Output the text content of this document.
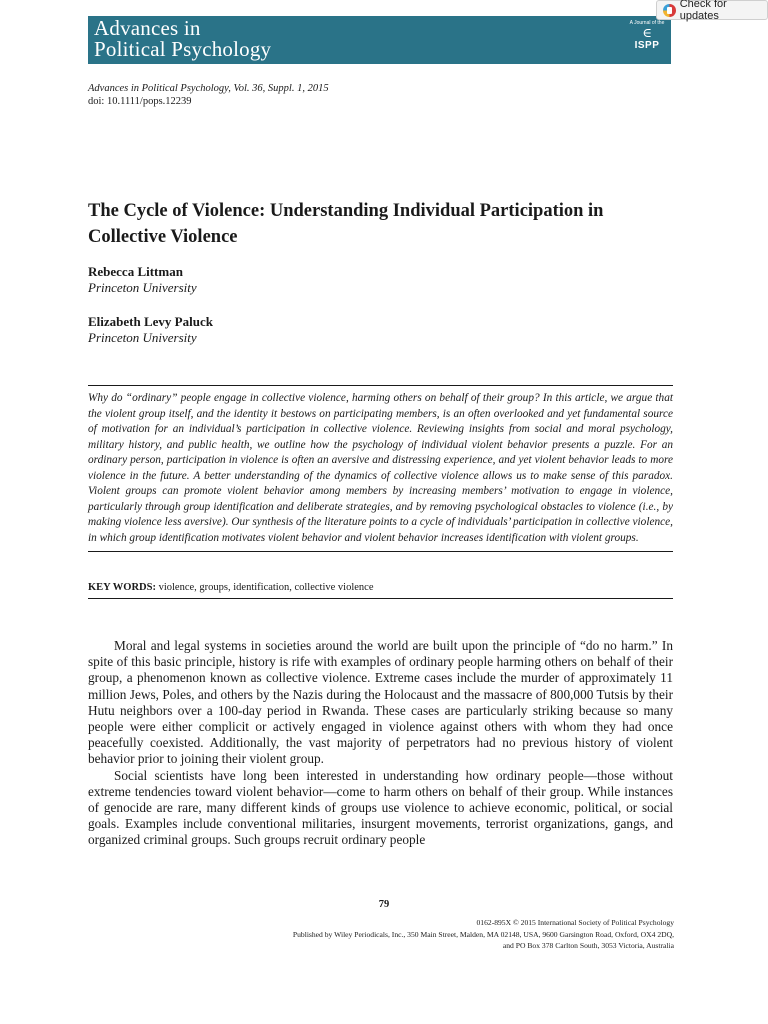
Advances in
Political Psychology
A Journal of the
∈
ISPP
Check for updates
Advances in Political Psychology, Vol. 36, Suppl. 1, 2015
doi: 10.1111/pops.12239
The Cycle of Violence: Understanding Individual Participation in Collective Violence
Rebecca Littman
Princeton University
Elizabeth Levy Paluck
Princeton University

Why do “ordinary” people engage in collective violence, harming others on behalf of their group? In this article, we argue that the violent group itself, and the identity it bestows on participating members, is an often overlooked and yet fundamental source of motivation for an individual’s participation in collective violence. Reviewing insights from social and moral psychology, military history, and public health, we outline how the psychology of individual violent behavior presents a puzzle. For an ordinary person, participation in violence is often an aversive and distressing experience, and yet violent behavior leads to more violence in the future. A better understanding of the dynamics of collective violence allows us to make sense of this paradox. Violent groups can promote violent behavior among members by increasing members’ motivation to engage in violence, particularly through group identification and deliberate strategies, and by removing psychological obstacles to violence (i.e., by making violence less aversive). Our synthesis of the literature points to a cycle of individuals’ participation in collective violence, in which group identification motivates violent behavior and violent behavior increases identification with violent groups.

KEY WORDS: violence, groups, identification, collective violence

Moral and legal systems in societies around the world are built upon the principle of “do no harm.” In spite of this basic principle, history is rife with examples of ordinary people harming others on behalf of their group, a phenomenon known as collective violence. Extreme cases include the murder of approximately 11 million Jews, Poles, and others by the Nazis during the Holocaust and the massacre of 800,000 Tutsis by their Hutu neighbors over a 100-day period in Rwanda. These cases are particularly striking because so many people were either complicit or actively engaged in violence against others with whom they had once peacefully coexisted. Additionally, the vast majority of perpetrators had no previous history of violent behavior prior to joining their violent group.

Social scientists have long been interested in understanding how ordinary people—those without extreme tendencies toward violent behavior—come to harm others on behalf of their group. While instances of genocide are rare, many different kinds of groups use violence to achieve economic, political, or social goals. Examples include conventional militaries, insurgent movements, terrorist organizations, gangs, and organized criminal groups. Such groups recruit ordinary people

79
0162-895X © 2015 International Society of Political Psychology
Published by Wiley Periodicals, Inc., 350 Main Street, Malden, MA 02148, USA, 9600 Garsington Road, Oxford, OX4 2DQ,
and PO Box 378 Carlton South, 3053 Victoria, Australia
